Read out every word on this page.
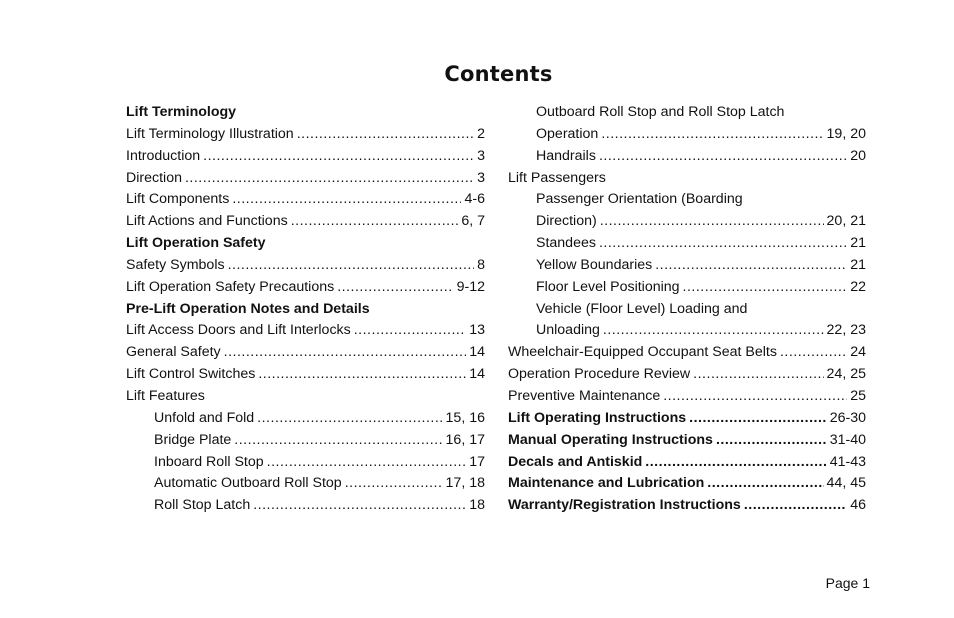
Contents
Lift Terminology
Lift Terminology Illustration .....	2
Introduction .....	3
Direction .....	3
Lift Components .....	4-6
Lift Actions and Functions .....	6, 7
Lift Operation Safety
Safety Symbols .....	8
Lift Operation Safety Precautions .....	9-12
Pre-Lift Operation Notes and Details
Lift Access Doors and Lift Interlocks .....	13
General Safety .....	14
Lift Control Switches .....	14
Lift Features
Unfold and Fold .....	15, 16
Bridge Plate .....	16, 17
Inboard Roll Stop .....	17
Automatic Outboard Roll Stop .....	17, 18
Roll Stop Latch .....	18
Outboard Roll Stop and Roll Stop Latch
Operation .....	19, 20
Handrails .....	20
Lift Passengers
Passenger Orientation (Boarding
Direction) .....	20, 21
Standees .....	21
Yellow Boundaries .....	21
Floor Level Positioning .....	22
Vehicle (Floor Level) Loading and
Unloading .....	22, 23
Wheelchair-Equipped Occupant Seat Belts .....	24
Operation Procedure Review .....	24, 25
Preventive Maintenance .....	25
Lift Operating Instructions .....	26-30
Manual Operating Instructions .....	31-40
Decals and Antiskid .....	41-43
Maintenance and Lubrication .....	44, 45
Warranty/Registration Instructions .....	46
Page 1
